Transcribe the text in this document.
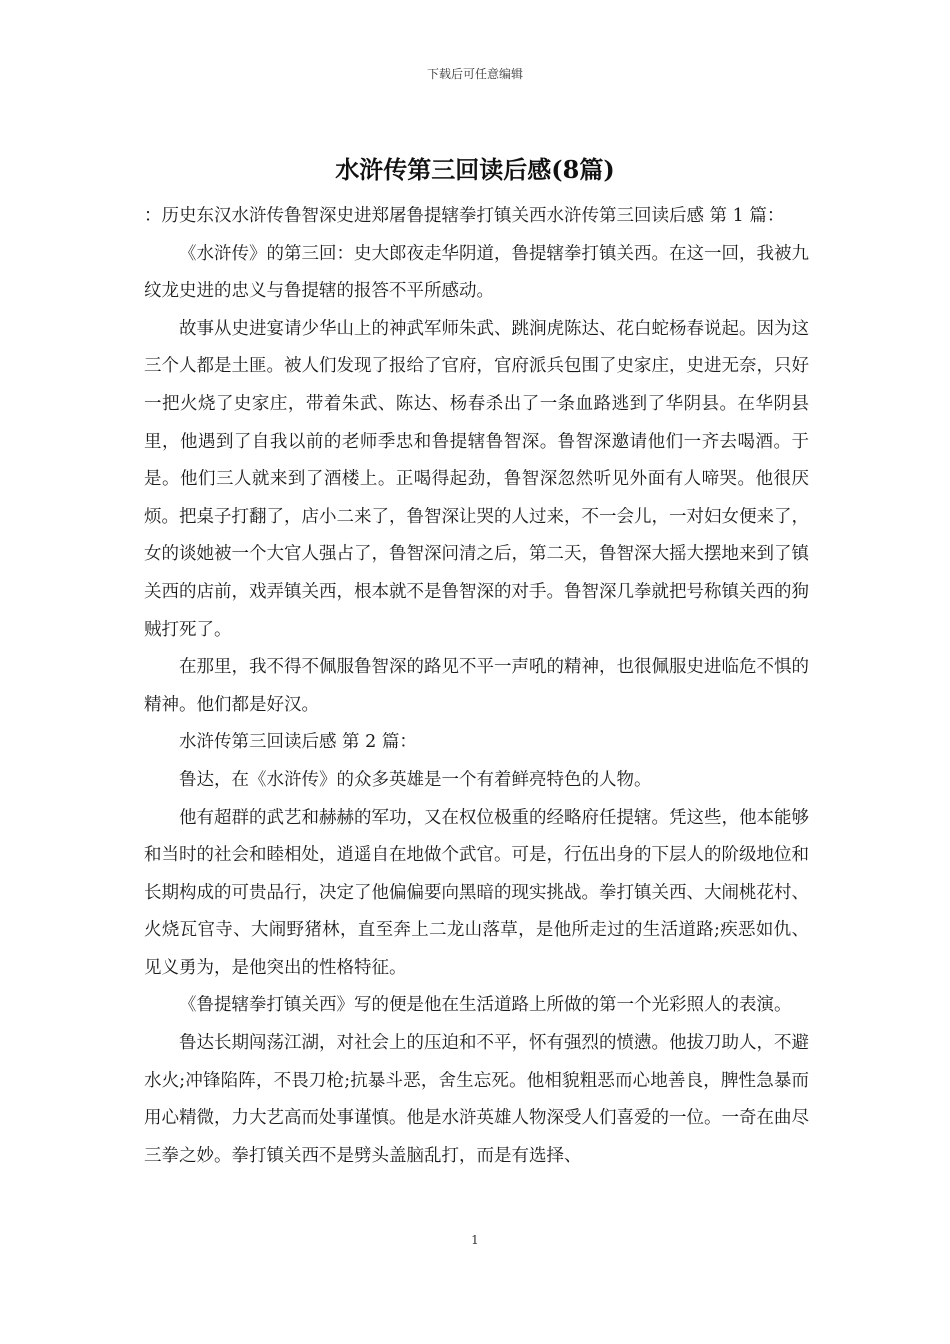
下载后可任意编辑
水浒传第三回读后感(8篇)

：历史东汉水浒传鲁智深史进郑屠鲁提辖拳打镇关西水浒传第三回读后感 第 1 篇：

《水浒传》的第三回：史大郎夜走华阴道，鲁提辖拳打镇关西。在这一回，我被九纹龙史进的忠义与鲁提辖的报答不平所感动。

故事从史进宴请少华山上的神武军师朱武、跳涧虎陈达、花白蛇杨春说起。因为这三个人都是土匪。被人们发现了报给了官府，官府派兵包围了史家庄，史进无奈，只好一把火烧了史家庄，带着朱武、陈达、杨春杀出了一条血路逃到了华阴县。在华阴县里，他遇到了自我以前的老师季忠和鲁提辖鲁智深。鲁智深邀请他们一齐去喝酒。于是。他们三人就来到了酒楼上。正喝得起劲，鲁智深忽然听见外面有人啼哭。他很厌烦。把桌子打翻了，店小二来了，鲁智深让哭的人过来，不一会儿，一对妇女便来了，女的谈她被一个大官人强占了，鲁智深问清之后，第二天，鲁智深大摇大摆地来到了镇关西的店前，戏弄镇关西，根本就不是鲁智深的对手。鲁智深几拳就把号称镇关西的狗贼打死了。

在那里，我不得不佩服鲁智深的路见不平一声吼的精神，也很佩服史进临危不惧的精神。他们都是好汉。

水浒传第三回读后感 第 2 篇：

鲁达，在《水浒传》的众多英雄是一个有着鲜亮特色的人物。

他有超群的武艺和赫赫的军功，又在权位极重的经略府任提辖。凭这些，他本能够和当时的社会和睦相处，逍遥自在地做个武官。可是，行伍出身的下层人的阶级地位和长期构成的可贵品行，决定了他偏偏要向黑暗的现实挑战。拳打镇关西、大闹桃花村、火烧瓦官寺、大闹野猪林，直至奔上二龙山落草，是他所走过的生活道路;疾恶如仇、见义勇为，是他突出的性格特征。

《鲁提辖拳打镇关西》写的便是他在生活道路上所做的第一个光彩照人的表演。

鲁达长期闯荡江湖，对社会上的压迫和不平，怀有强烈的愤懑。他拔刀助人，不避水火;冲锋陷阵，不畏刀枪;抗暴斗恶，舍生忘死。他相貌粗恶而心地善良，脾性急暴而用心精微，力大艺高而处事谨慎。他是水浒英雄人物深受人们喜爱的一位。一奇在曲尽三拳之妙。拳打镇关西不是劈头盖脑乱打，而是有选择、

1
